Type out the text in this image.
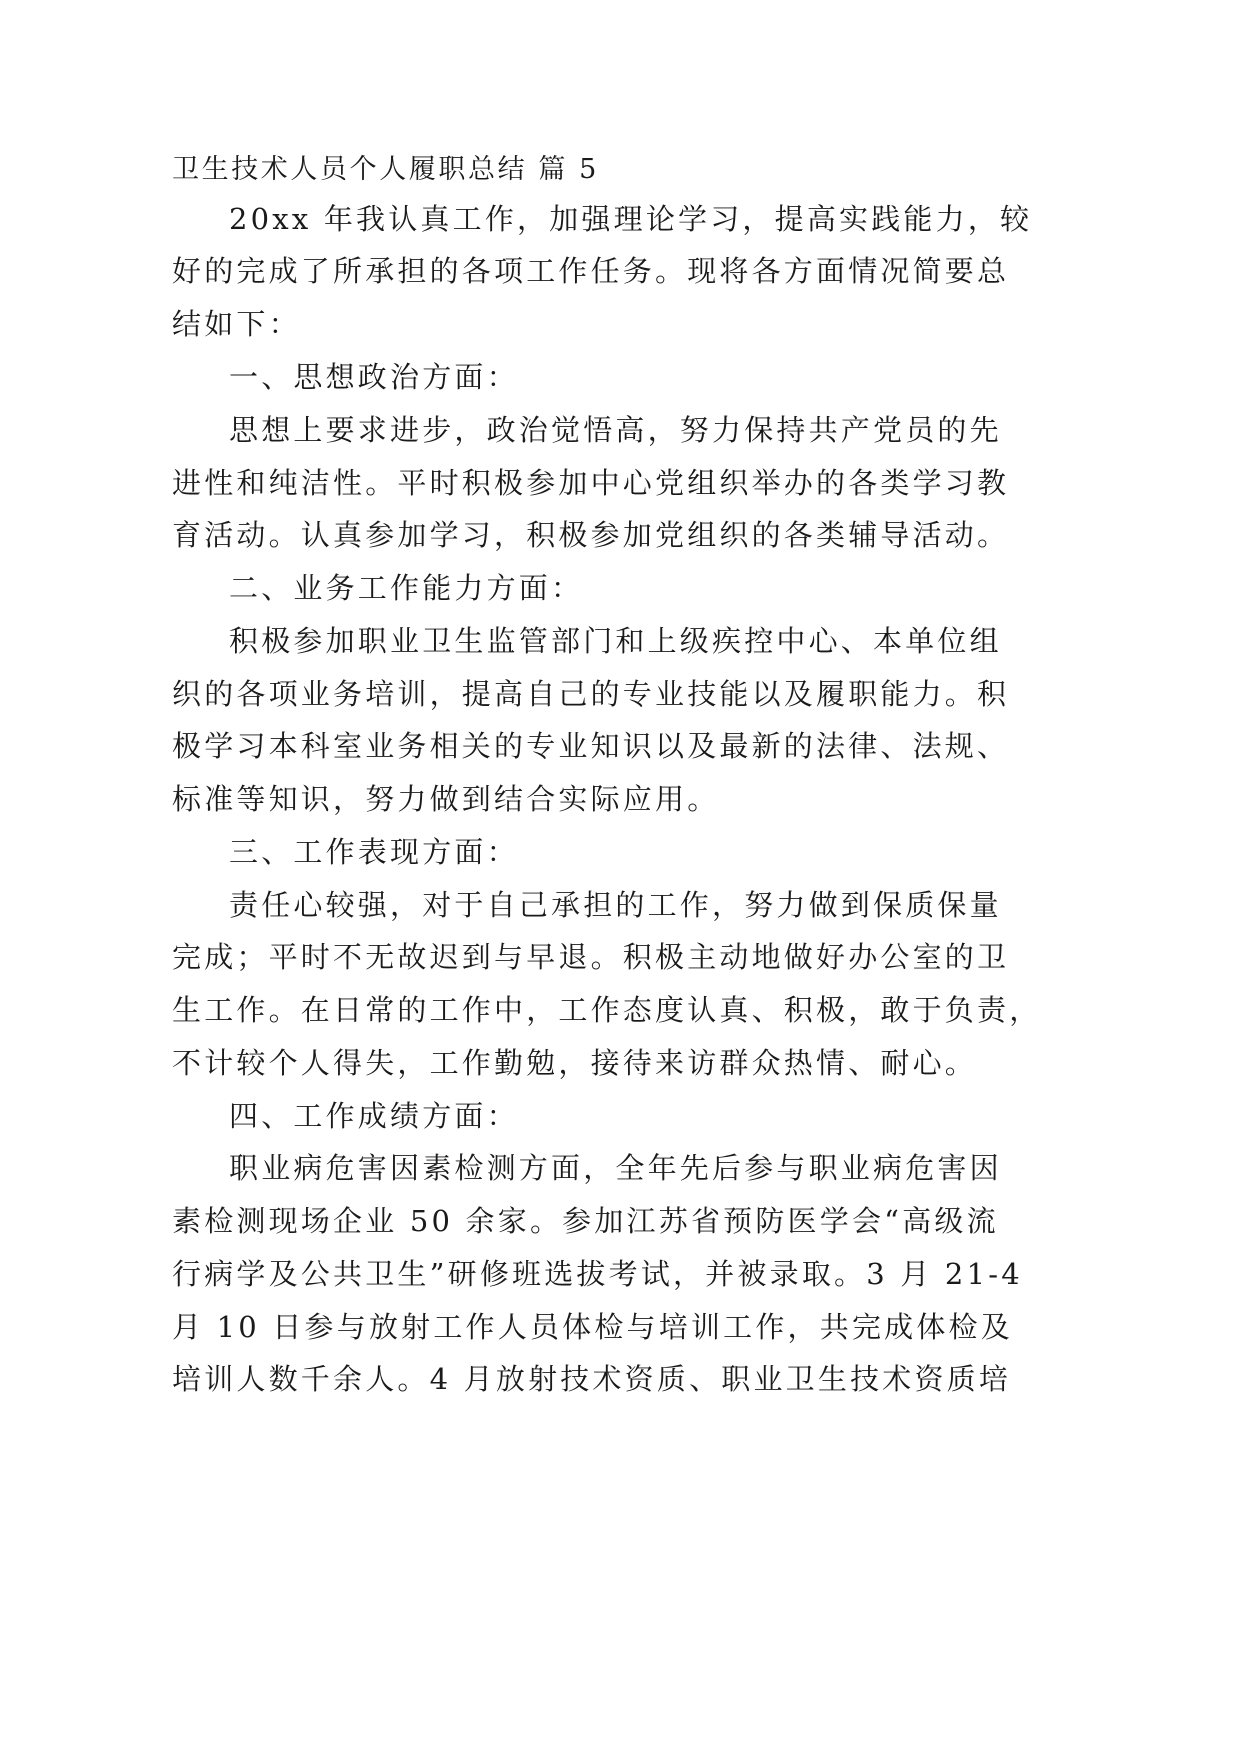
卫生技术人员个人履职总结 篇 5
20xx 年我认真工作，加强理论学习，提高实践能力，较
好的完成了所承担的各项工作任务。现将各方面情况简要总
结如下：
一、思想政治方面：
思想上要求进步，政治觉悟高，努力保持共产党员的先
进性和纯洁性。平时积极参加中心党组织举办的各类学习教
育活动。认真参加学习，积极参加党组织的各类辅导活动。
二、业务工作能力方面：
积极参加职业卫生监管部门和上级疾控中心、本单位组
织的各项业务培训，提高自己的专业技能以及履职能力。积
极学习本科室业务相关的专业知识以及最新的法律、法规、
标准等知识，努力做到结合实际应用。
三、工作表现方面：
责任心较强，对于自己承担的工作，努力做到保质保量
完成；平时不无故迟到与早退。积极主动地做好办公室的卫
生工作。在日常的工作中，工作态度认真、积极，敢于负责，
不计较个人得失，工作勤勉，接待来访群众热情、耐心。
四、工作成绩方面：
职业病危害因素检测方面，全年先后参与职业病危害因
素检测现场企业 50 余家。参加江苏省预防医学会“高级流
行病学及公共卫生”研修班选拔考试，并被录取。3 月 21-4
月 10 日参与放射工作人员体检与培训工作，共完成体检及
培训人数千余人。4 月放射技术资质、职业卫生技术资质培
